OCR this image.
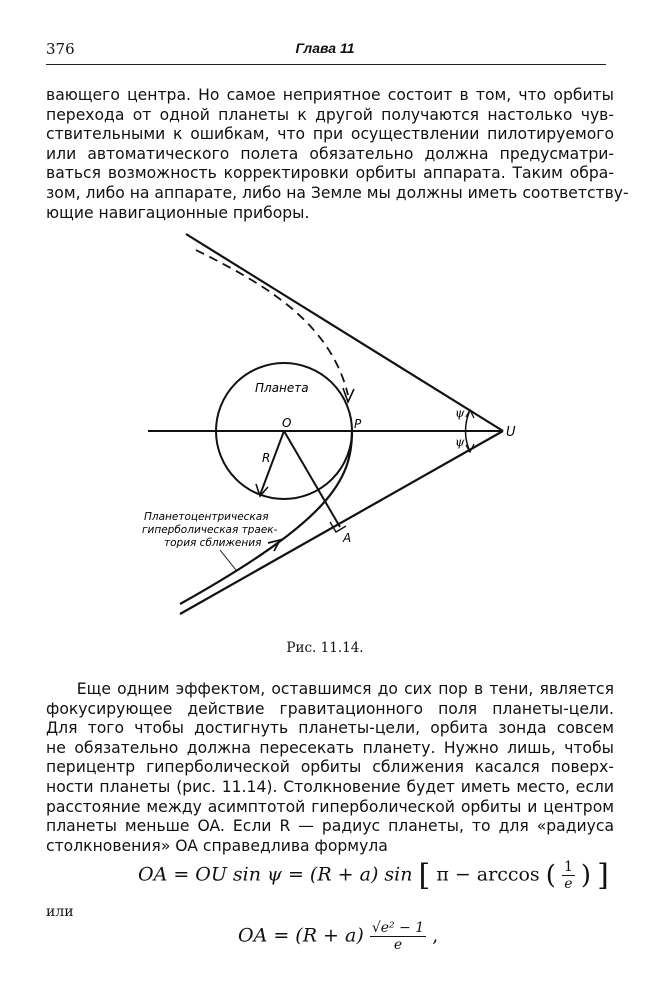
376	Глава 11
вающего центра. Но самое неприятное состоит в том, что орбиты
перехода от одной планеты к другой получаются настолько чув-
ствительными к ошибкам, что при осуществлении пилотируемого
или автоматического полета обязательно должна предусматри-
ваться возможность корректировки орбиты аппарата. Таким обра-
зом, либо на аппарате, либо на Земле мы должны иметь соответству-
ющие навигационные приборы.
Планета
O	P
U
R
A
ψ
ψ
Планетоцентрическая
гиперболическая траек-
тория сближения
Рис. 11.14.
Еще одним эффектом, оставшимся до сих пор в тени, является
фокусирующее действие гравитационного поля планеты-цели.
Для того чтобы достигнуть планеты-цели, орбита зонда совсем
не обязательно должна пересекать планету. Нужно лишь, чтобы
перицентр гиперболической орбиты сближения касался поверх-
ности планеты (рис. 11.14). Столкновение будет иметь место, если
расстояние между асимптотой гиперболической орбиты и центром
планеты меньше OA. Если R — радиус планеты, то для «радиуса
столкновения» OA справедлива формула
OA = OU sin ψ = (R + a) sin [ π − arccos ( $\frac{1}{e}$ ) ]
или
OA = $(R + a) \frac{\text{√e² − 1}}{e}$ ,
